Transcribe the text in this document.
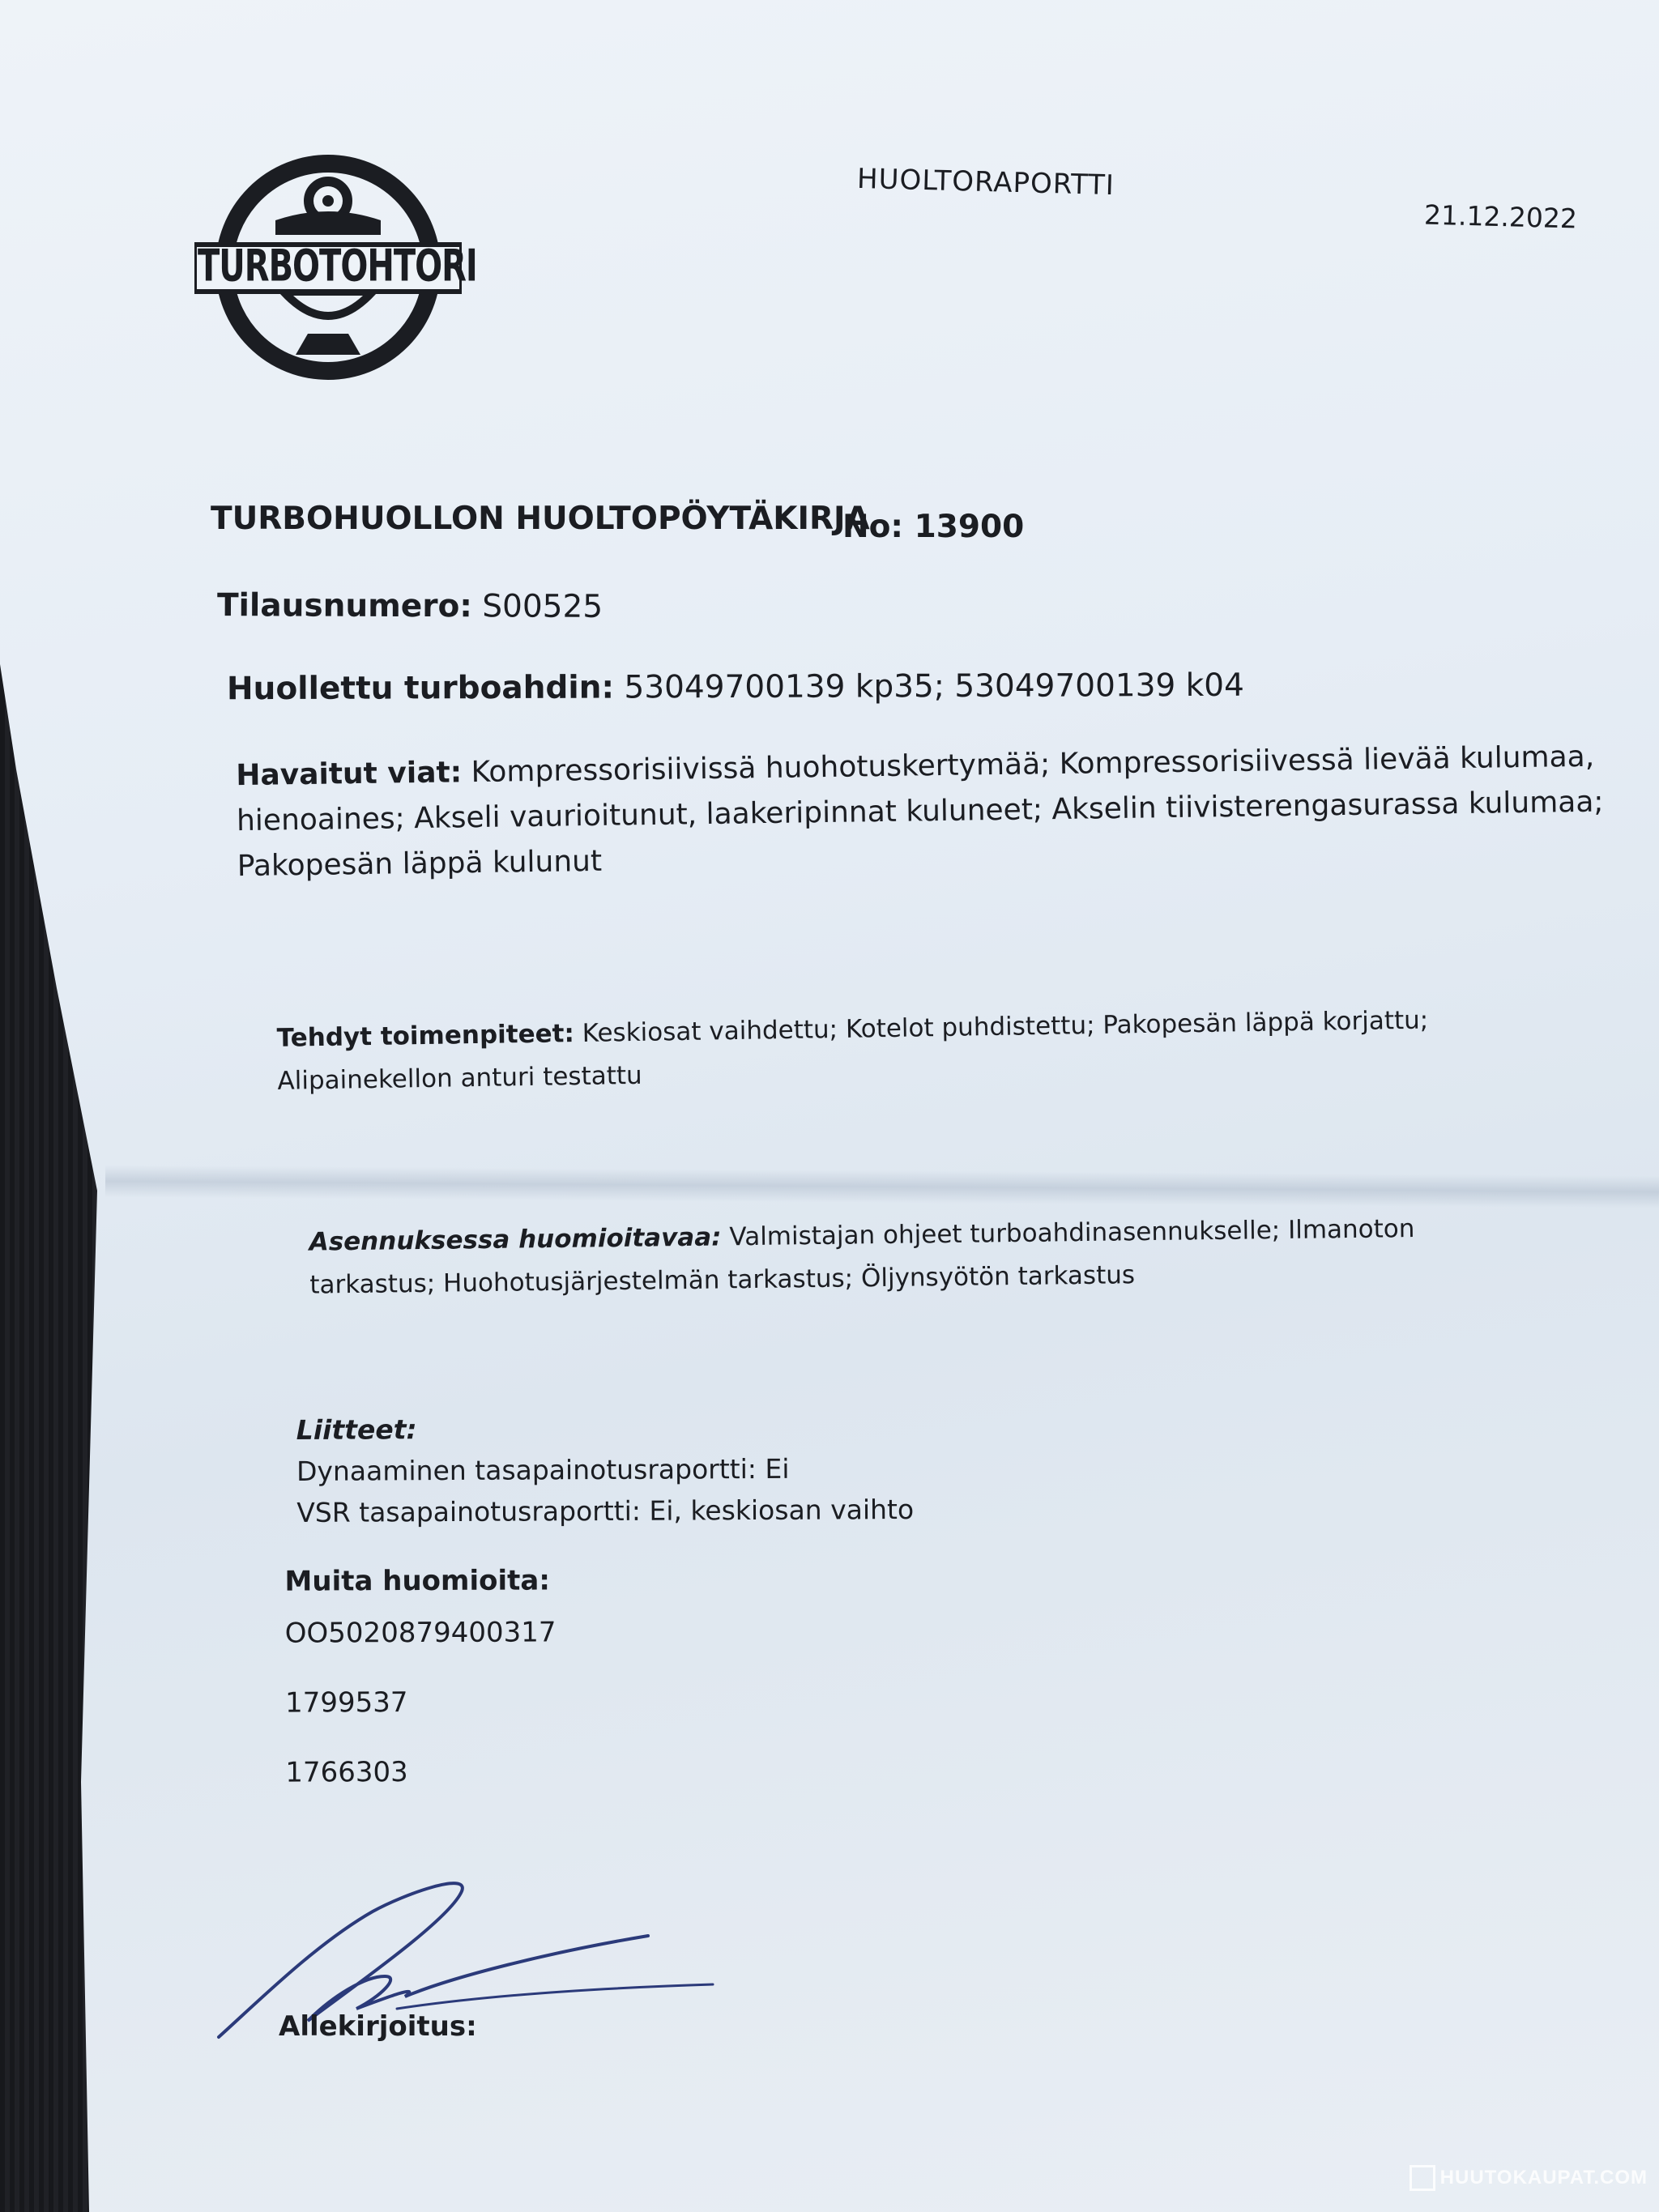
TURBOTOHTORI
HUOLTORAPORTTI
21.12.2022
TURBOHUOLLON HUOLTOPÖYTÄKIRJA
No: 13900
Tilausnumero: S00525
Huollettu turboahdin: 53049700139 kp35; 53049700139 k04
Havaitut viat: Kompressorisiivissä huohotuskertymää; Kompressorisiivessä lievää kulumaa, hienoaines; Akseli vaurioitunut, laakeripinnat kuluneet; Akselin tiivisterengasurassa kulumaa; Pakopesän läppä kulunut
Tehdyt toimenpiteet: Keskiosat vaihdettu; Kotelot puhdistettu; Pakopesän läppä korjattu; Alipainekellon anturi testattu
Asennuksessa huomioitavaa: Valmistajan ohjeet turboahdinasennukselle; Ilmanoton tarkastus; Huohotusjärjestelmän tarkastus; Öljynsyötön tarkastus
Liitteet:
Dynaaminen tasapainotusraportti: Ei
VSR tasapainotusraportti: Ei, keskiosan vaihto
Muita huomioita:
OO5020879400317
1799537
1766303
Allekirjoitus:
HUUTOKAUPAT.COM
